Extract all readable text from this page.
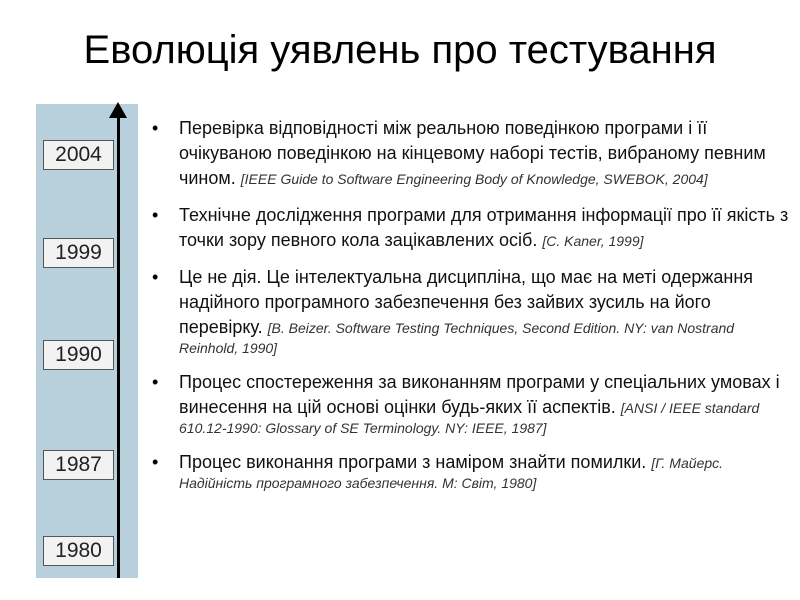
Еволюція уявлень про тестування
2004
1999
1990
1987
1980
• Перевірка відповідності між реальною поведінкою програми і її очікуваною поведінкою на кінцевому наборі тестів, вибраному певним чином. [IEEE Guide to Software Engineering Body of Knowledge, SWEBOK, 2004]
• Технічне дослідження програми для отримання інформації про її якість з точки зору певного кола зацікавлених осіб. [C. Kaner, 1999]
• Це не дія. Це інтелектуальна дисципліна, що має на меті одержання надійного програмного забезпечення без зайвих зусиль на його перевірку. [B. Beizer. Software Testing Techniques, Second Edition. NY: van Nostrand Reinhold, 1990]
• Процес спостереження за виконанням програми у спеціальних умовах і винесення на цій основі оцінки будь-яких її аспектів. [ANSI / IEEE standard 610.12-1990: Glossary of SE Terminology. NY: IEEE, 1987]
• Процес виконання програми з наміром знайти помилки. [Г. Майерс. Надійність програмного забезпечення. М: Світ, 1980]
